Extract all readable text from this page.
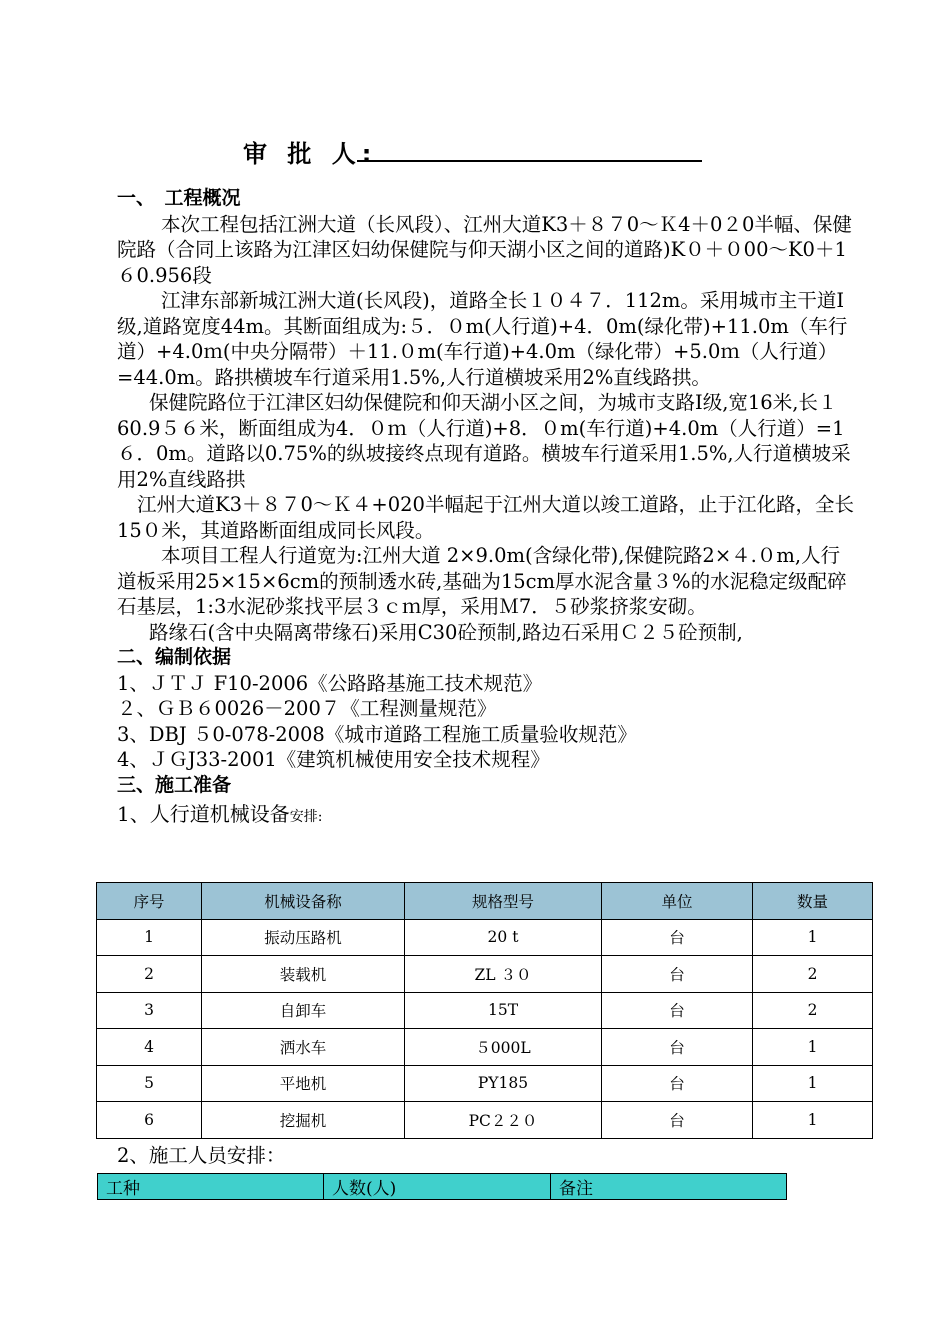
审 批 人:

一、　工程概况

本次工程包括江洲大道（长风段）、江州大道K3＋８７0～Ｋ4＋0２0半幅、保健院路（合同上该路为江津区妇幼保健院与仰天湖小区之间的道路)K０＋０00～K0＋1６0.956段

江津东部新城江洲大道(长风段)，道路全长１０４７．112m。采用城市主干道Ⅰ级,道路宽度44m。其断面组成为:５．０m(人行道)+4．0m(绿化带)+11.0m（车行道）+4.0ｍ(中央分隔带）＋11.０m(车行道)+4.0m（绿化带）+5.0ｍ（人行道）=44.0m。路拱横坡车行道采用1.5%,人行道横坡采用2%直线路拱。

保健院路位于江津区妇幼保健院和仰天湖小区之间，为城市支路Ⅰ级,宽16米,长１60.9５６米，断面组成为4．０ｍ（人行道)+8．０m(车行道)+4.0m（人行道）=1６．0m。道路以0.75%的纵坡接终点现有道路。横坡车行道采用1.5%,人行道横坡采用2%直线路拱

江州大道K3＋８７0～Ｋ４+020半幅起于江州大道以竣工道路，止于江化路，全长15０米，其道路断面组成同长风段。

本项目工程人行道宽为:江州大道 2×9.0m(含绿化带),保健院路2×４.０m,人行道板采用25×15×6cm的预制透水砖,基础为15cm厚水泥含量３%的水泥稳定级配碎石基层，1:3水泥砂浆找平层３ｃｍ厚，采用Ｍ7．５砂浆挤浆安砌。

路缘石(含中央隔离带缘石)采用C30砼预制,路边石采用Ｃ２５砼预制,

二、编制依据

1、ＪＴＪ F10-2006《公路路基施工技术规范》

２、ＧＢ６0026－200７《工程测量规范》

3、DBJ ５0-078-2008《城市道路工程施工质量验收规范》

4、ＪＧJ33-2001《建筑机械使用安全技术规程》

三、施工准备

1、人行道机械设备安排:

序号	机械设备称	规格型号	单位	数量
1	振动压路机	20 t	台	1
2	装载机	ZL ３０	台	2
3	自卸车	15T	台	2
4	洒水车	５000L	台	1
5	平地机	PY185	台	1
6	挖掘机	PC２２０	台	1
2、施工人员安排：
工种	人数(人)	备注
